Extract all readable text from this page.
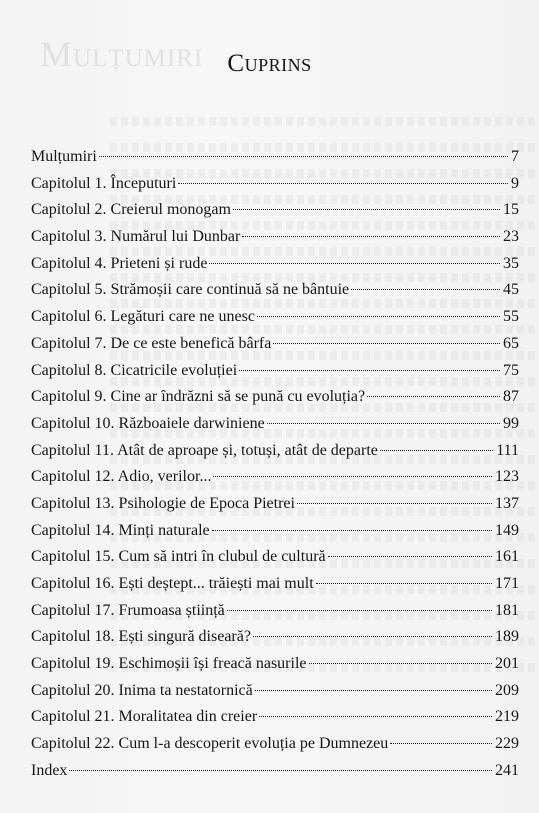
Mulțumiri Cuprins
Mulțumiri	7
Capitolul 1. Începuturi	9
Capitolul 2. Creierul monogam	15
Capitolul 3. Numărul lui Dunbar	23
Capitolul 4. Prieteni și rude	35
Capitolul 5. Strămoșii care continuă să ne bântuie	45
Capitolul 6. Legături care ne unesc	55
Capitolul 7. De ce este benefică bârfa	65
Capitolul 8. Cicatricile evoluției	75
Capitolul 9. Cine ar îndrăzni să se pună cu evoluția?	87
Capitolul 10. Războaiele darwiniene	99
Capitolul 11. Atât de aproape și, totuși, atât de departe	111
Capitolul 12. Adio, verilor...	123
Capitolul 13. Psihologie de Epoca Pietrei	137
Capitolul 14. Minți naturale	149
Capitolul 15. Cum să intri în clubul de cultură	161
Capitolul 16. Ești deștept... trăiești mai mult	171
Capitolul 17. Frumoasa știință	181
Capitolul 18. Ești singură diseară?	189
Capitolul 19. Eschimoșii își freacă nasurile	201
Capitolul 20. Inima ta nestatornică	209
Capitolul 21. Moralitatea din creier	219
Capitolul 22. Cum l-a descoperit evoluția pe Dumnezeu	229
Index	241
